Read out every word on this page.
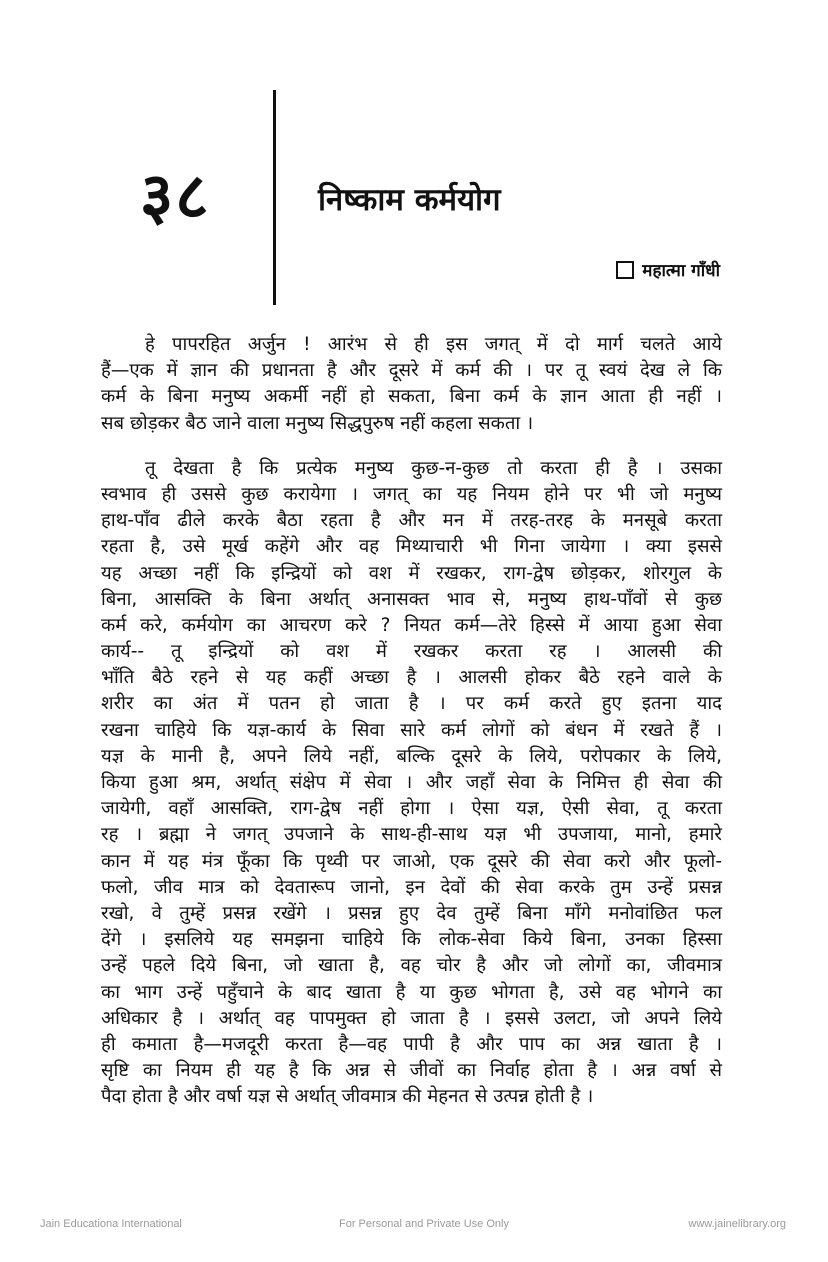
३८	निष्काम कर्मयोग
महात्मा गाँधी
हे पापरहित अर्जुन ! आरंभ से ही इस जगत् में दो मार्ग चलते आये
हैं—एक में ज्ञान की प्रधानता है और दूसरे में कर्म की । पर तू स्वयं देख ले कि
कर्म के बिना मनुष्य अकर्मी नहीं हो सकता, बिना कर्म के ज्ञान आता ही नहीं ।
सब छोड़कर बैठ जाने वाला मनुष्य सिद्धपुरुष नहीं कहला सकता ।
तू देखता है कि प्रत्येक मनुष्य कुछ-न-कुछ तो करता ही है । उसका
स्वभाव ही उससे कुछ करायेगा । जगत् का यह नियम होने पर भी जो मनुष्य
हाथ-पाँव ढीले करके बैठा रहता है और मन में तरह-तरह के मनसूबे करता
रहता है, उसे मूर्ख कहेंगे और वह मिथ्याचारी भी गिना जायेगा । क्या इससे
यह अच्छा नहीं कि इन्द्रियों को वश में रखकर, राग-द्वेष छोड़कर, शोरगुल के
बिना, आसक्ति के बिना अर्थात् अनासक्त भाव से, मनुष्य हाथ-पाँवों से कुछ
कर्म करे, कर्मयोग का आचरण करे ? नियत कर्म—तेरे हिस्से में आया हुआ सेवा
कार्य-- तू इन्द्रियों को वश में रखकर करता रह । आलसी की
भाँति बैठे रहने से यह कहीं अच्छा है । आलसी होकर बैठे रहने वाले के
शरीर का अंत में पतन हो जाता है । पर कर्म करते हुए इतना याद
रखना चाहिये कि यज्ञ-कार्य के सिवा सारे कर्म लोगों को बंधन में रखते हैं ।
यज्ञ के मानी है, अपने लिये नहीं, बल्कि दूसरे के लिये, परोपकार के लिये,
किया हुआ श्रम, अर्थात् संक्षेप में सेवा । और जहाँ सेवा के निमित्त ही सेवा की
जायेगी, वहाँ आसक्ति, राग-द्वेष नहीं होगा । ऐसा यज्ञ, ऐसी सेवा, तू करता
रह । ब्रह्मा ने जगत् उपजाने के साथ-ही-साथ यज्ञ भी उपजाया, मानो, हमारे
कान में यह मंत्र फूँका कि पृथ्वी पर जाओ, एक दूसरे की सेवा करो और फूलो-
फलो, जीव मात्र को देवतारूप जानो, इन देवों की सेवा करके तुम उन्हें प्रसन्न
रखो, वे तुम्हें प्रसन्न रखेंगे । प्रसन्न हुए देव तुम्हें बिना माँगे मनोवांछित फल
देंगे । इसलिये यह समझना चाहिये कि लोक-सेवा किये बिना, उनका हिस्सा
उन्हें पहले दिये बिना, जो खाता है, वह चोर है और जो लोगों का, जीवमात्र
का भाग उन्हें पहुँचाने के बाद खाता है या कुछ भोगता है, उसे वह भोगने का
अधिकार है । अर्थात् वह पापमुक्त हो जाता है । इससे उलटा, जो अपने लिये
ही कमाता है—मजदूरी करता है—वह पापी है और पाप का अन्न खाता है ।
सृष्टि का नियम ही यह है कि अन्न से जीवों का निर्वाह होता है । अन्न वर्षा से
पैदा होता है और वर्षा यज्ञ से अर्थात् जीवमात्र की मेहनत से उत्पन्न होती है ।
Jain Educationa International	For Personal and Private Use Only	www.jainelibrary.org
